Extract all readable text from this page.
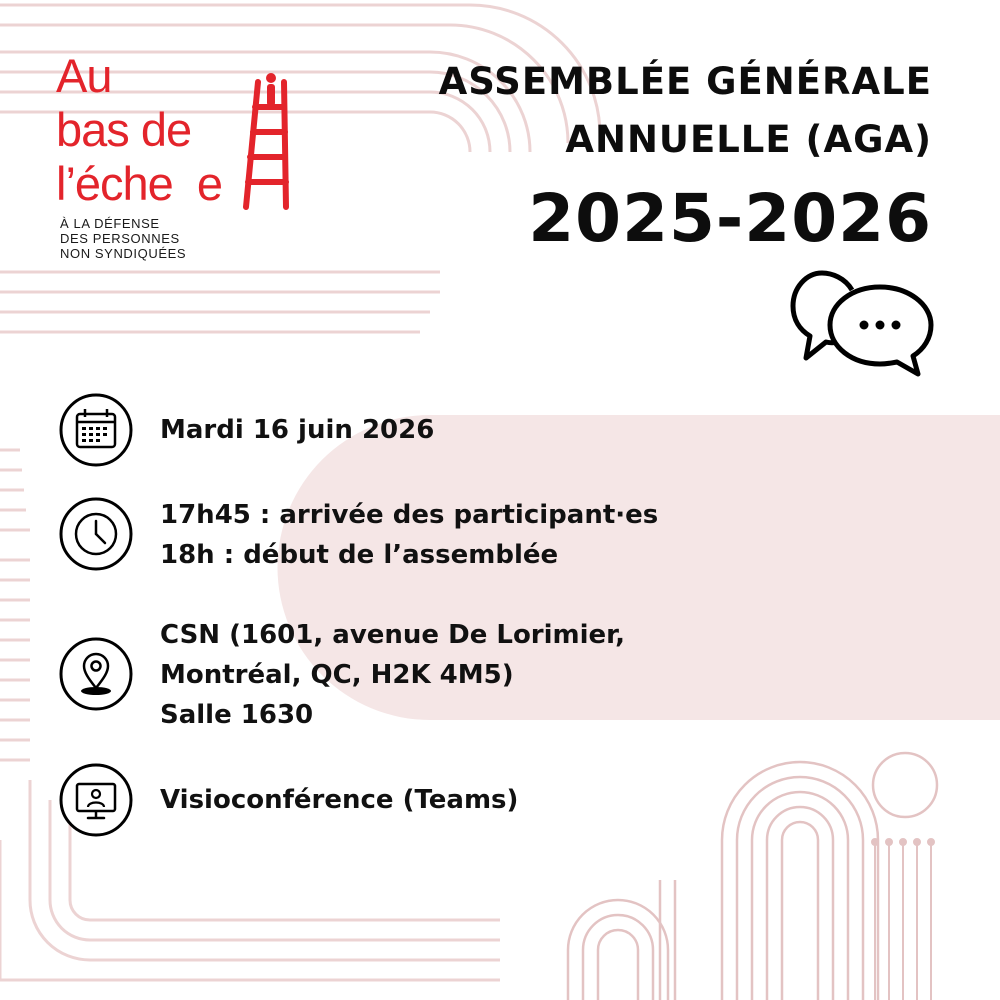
Au
bas de
l’éche  e
À LA DÉFENSE
DES PERSONNES
NON SYNDIQUÉES
ASSEMBLÉE GÉNÉRALE
ANNUELLE (AGA)
2025-2026
Mardi 16 juin 2026
17h45 : arrivée des participant·es
18h : début de l’assemblée
CSN (1601, avenue De Lorimier,
Montréal, QC, H2K 4M5)
Salle 1630
Visioconférence (Teams)
